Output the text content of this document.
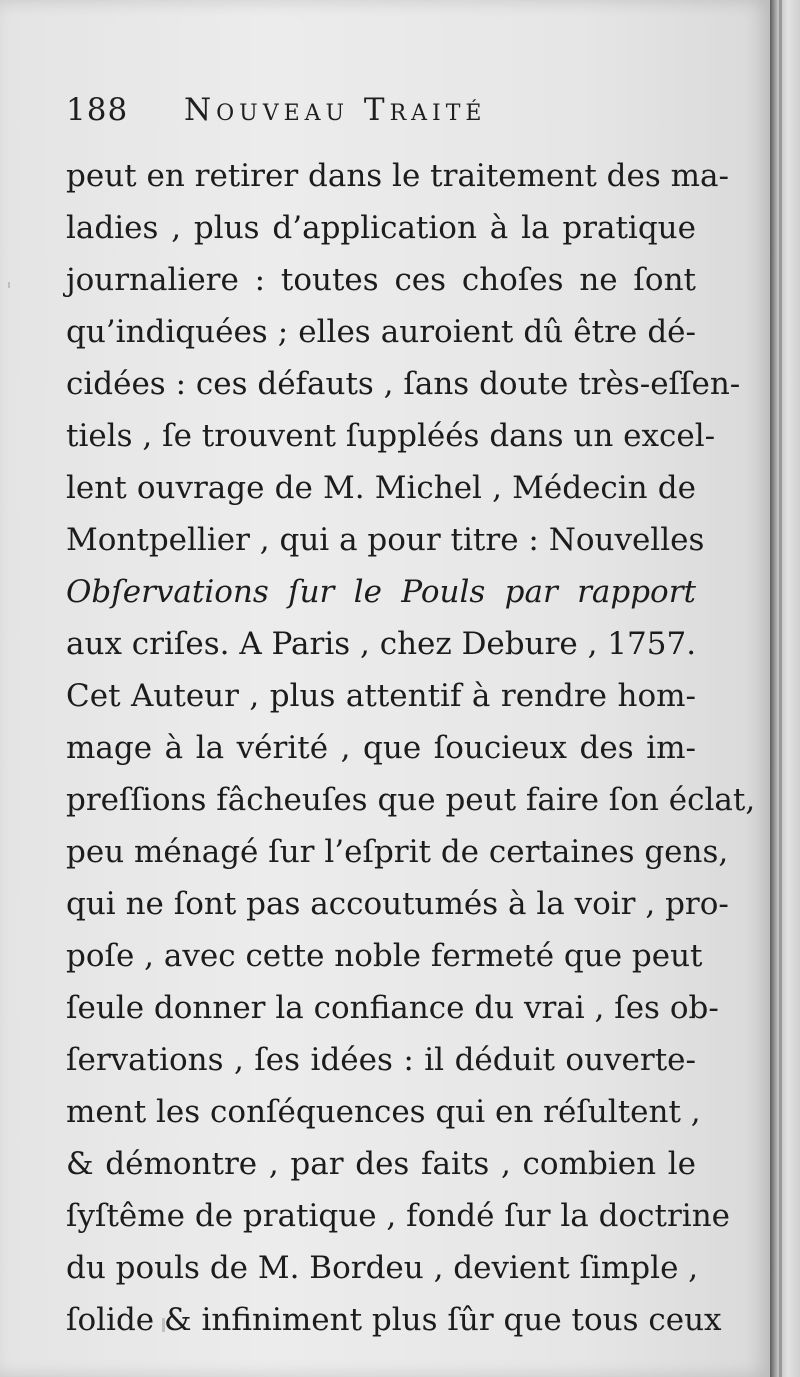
188 Nouveau Traité
peut en retirer dans le traitement des ma-
ladies , plus d’application à la pratique
journaliere : toutes ces choſes ne ſont
qu’indiquées ; elles auroient dû être dé-
cidées : ces défauts , ſans doute très-eſſen-
tiels , ſe trouvent ſuppléés dans un excel-
lent ouvrage de M. Michel , Médecin de
Montpellier , qui a pour titre : Nouvelles
Obſervations ſur le Pouls par rapport
aux criſes. A Paris , chez Debure , 1757.
Cet Auteur , plus attentif à rendre hom-
mage à la vérité , que ſoucieux des im-
preſſions fâcheuſes que peut faire ſon éclat,
peu ménagé ſur l’eſprit de certaines gens,
qui ne ſont pas accoutumés à la voir , pro-
poſe , avec cette noble fermeté que peut
ſeule donner la confiance du vrai , ſes ob-
ſervations , ſes idées : il déduit ouverte-
ment les conſéquences qui en réſultent ,
& démontre , par des faits , combien le
ſyſtême de pratique , fondé ſur la doctrine
du pouls de M. Bordeu , devient ſimple ,
ſolide & infiniment plus ſûr que tous ceux
